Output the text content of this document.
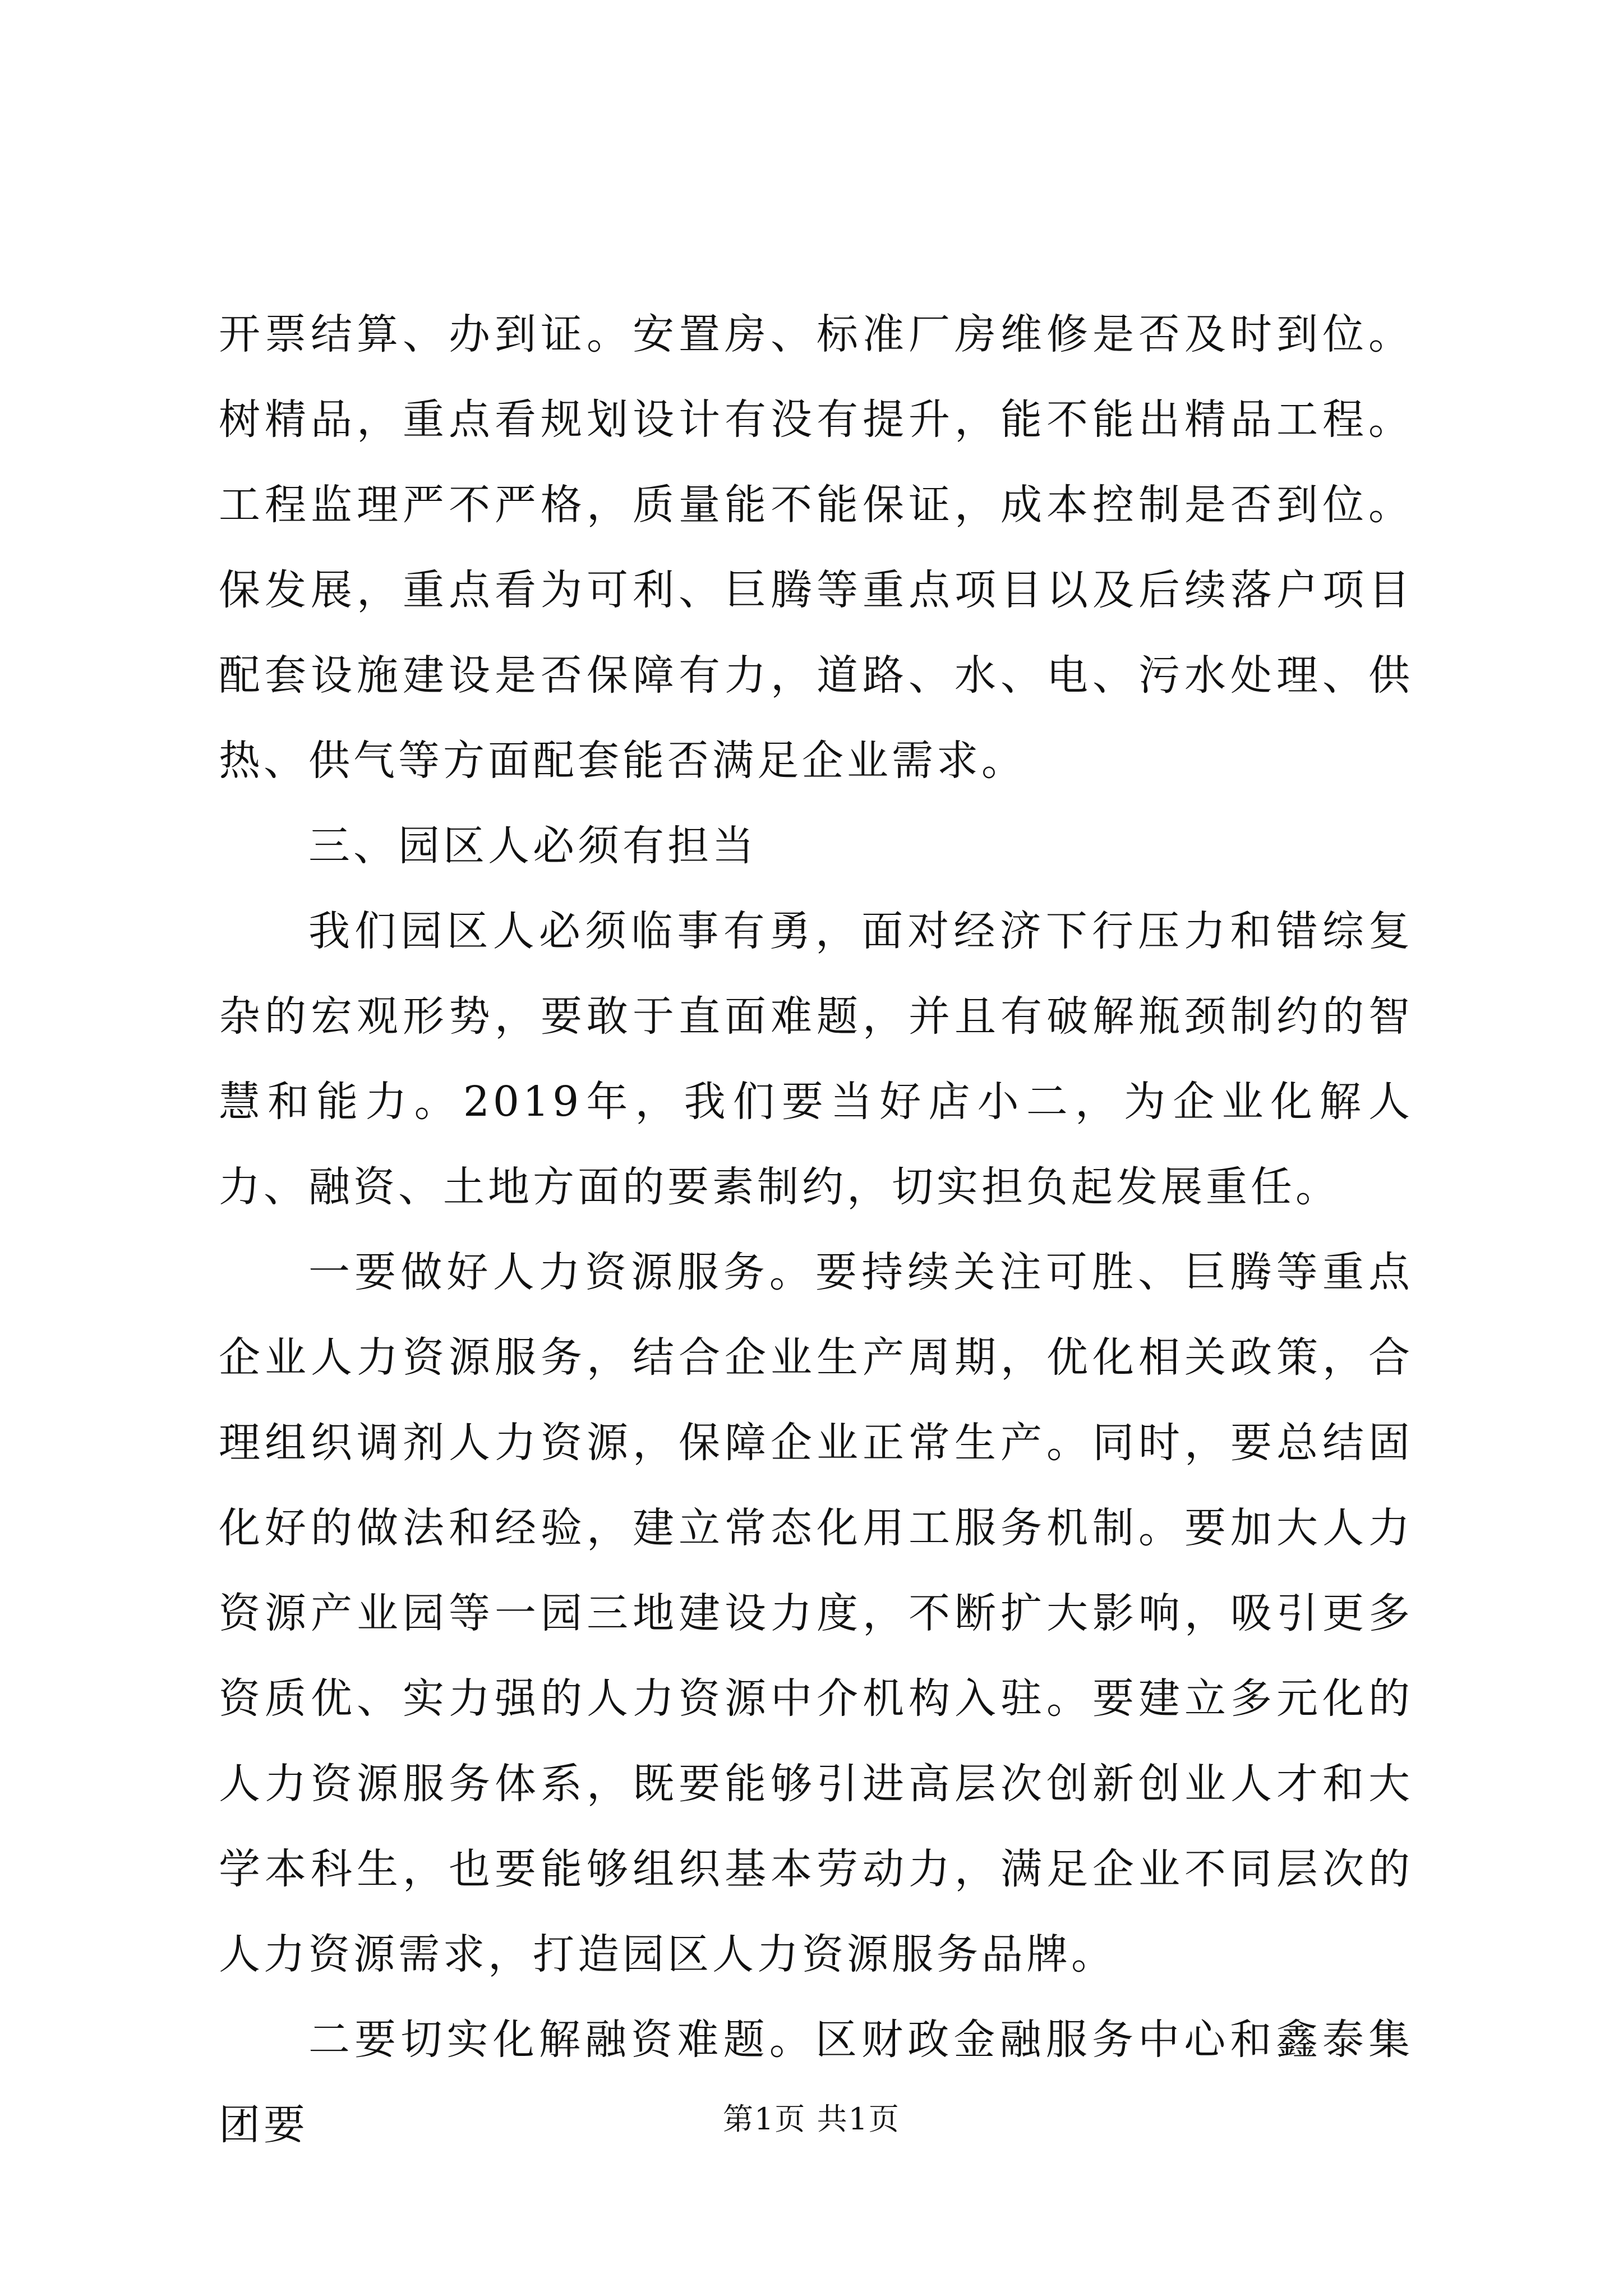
开票结算、办到证。安置房、标准厂房维修是否及时到位。树精品，重点看规划设计有没有提升，能不能出精品工程。工程监理严不严格，质量能不能保证，成本控制是否到位。保发展，重点看为可利、巨腾等重点项目以及后续落户项目配套设施建设是否保障有力，道路、水、电、污水处理、供热、供气等方面配套能否满足企业需求。

三、园区人必须有担当

我们园区人必须临事有勇，面对经济下行压力和错综复杂的宏观形势，要敢于直面难题，并且有破解瓶颈制约的智慧和能力。2019年，我们要当好店小二，为企业化解人力、融资、土地方面的要素制约，切实担负起发展重任。

一要做好人力资源服务。要持续关注可胜、巨腾等重点企业人力资源服务，结合企业生产周期，优化相关政策，合理组织调剂人力资源，保障企业正常生产。同时，要总结固化好的做法和经验，建立常态化用工服务机制。要加大人力资源产业园等一园三地建设力度，不断扩大影响，吸引更多资质优、实力强的人力资源中介机构入驻。要建立多元化的人力资源服务体系，既要能够引进高层次创新创业人才和大学本科生，也要能够组织基本劳动力，满足企业不同层次的人力资源需求，打造园区人力资源服务品牌。

二要切实化解融资难题。区财政金融服务中心和鑫泰集团要	第1页 共1页
